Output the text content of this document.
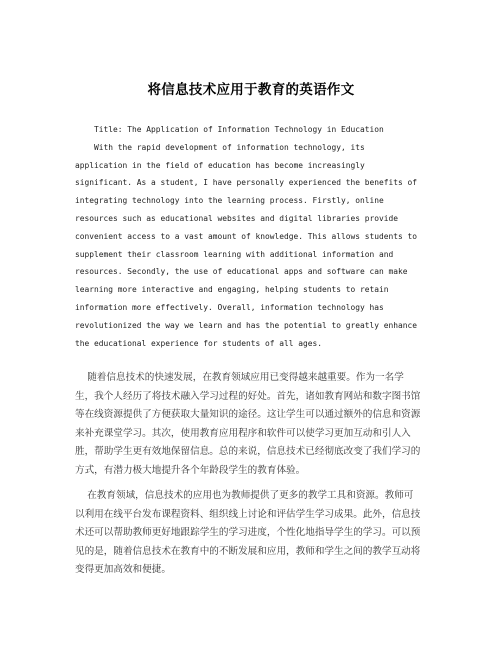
将信息技术应用于教育的英语作文
Title: The Application of Information Technology in Education
With the rapid development of information technology, its
application in the field of education has become increasingly
significant. As a student, I have personally experienced the benefits of
integrating technology into the learning process. Firstly, online
resources such as educational websites and digital libraries provide
convenient access to a vast amount of knowledge. This allows students to
supplement their classroom learning with additional information and
resources. Secondly, the use of educational apps and software can make
learning more interactive and engaging, helping students to retain
information more effectively. Overall, information technology has
revolutionized the way we learn and has the potential to greatly enhance
the educational experience for students of all ages.
随着信息技术的快速发展，在教育领域应用已变得越来越重要。作为一名学
生，我个人经历了将技术融入学习过程的好处。首先，诸如教育网站和数字图书馆
等在线资源提供了方便获取大量知识的途径。这让学生可以通过额外的信息和资源
来补充课堂学习。其次，使用教育应用程序和软件可以使学习更加互动和引人入
胜，帮助学生更有效地保留信息。总的来说，信息技术已经彻底改变了我们学习的
方式，有潜力极大地提升各个年龄段学生的教育体验。
在教育领域，信息技术的应用也为教师提供了更多的教学工具和资源。教师可
以利用在线平台发布课程资料、组织线上讨论和评估学生学习成果。此外，信息技
术还可以帮助教师更好地跟踪学生的学习进度，个性化地指导学生的学习。可以预
见的是，随着信息技术在教育中的不断发展和应用，教师和学生之间的教学互动将
变得更加高效和便捷。
